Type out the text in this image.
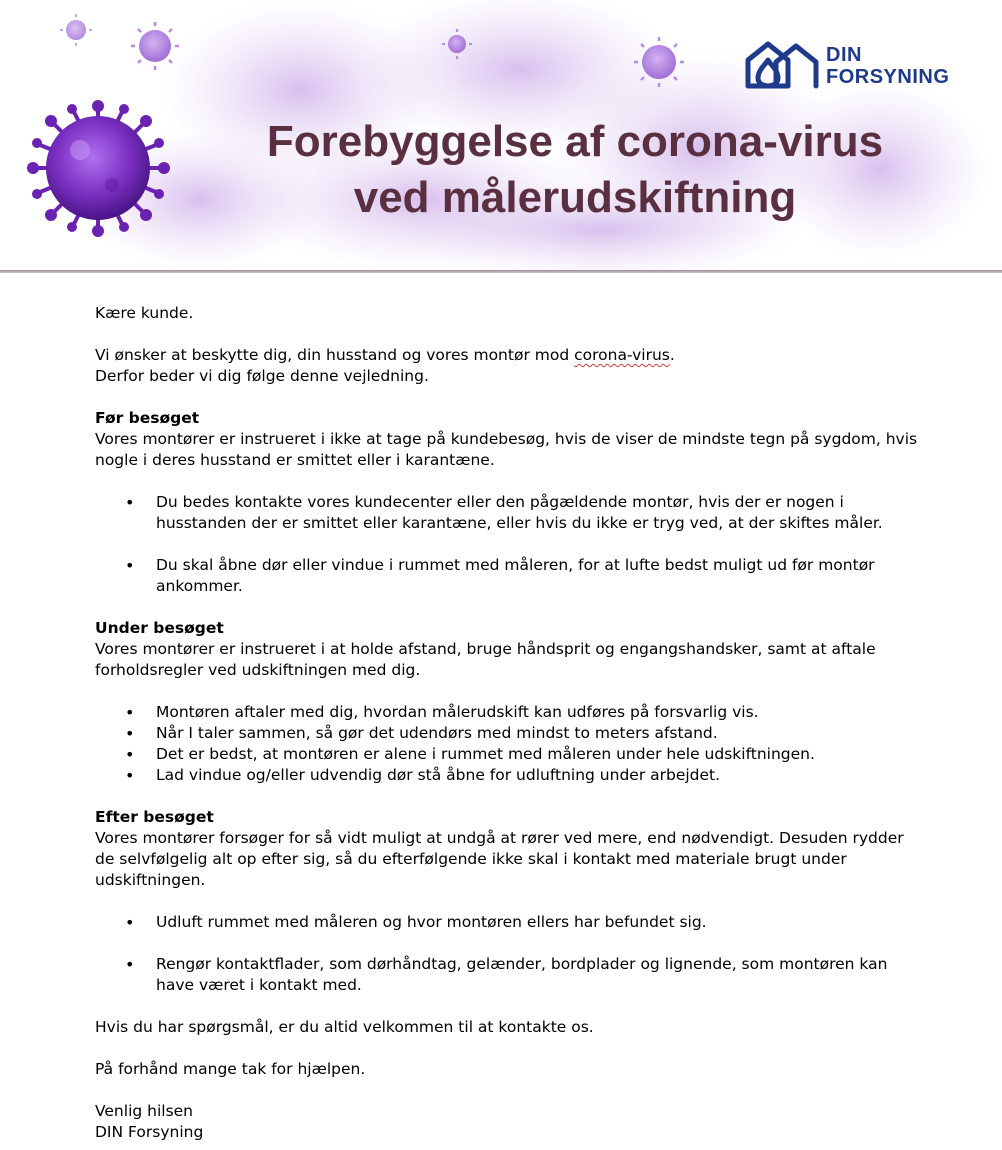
DIN
FORSYNING
Forebyggelse af corona-virus
ved målerudskiftning

Kære kunde.

Vi ønsker at beskytte dig, din husstand og vores montør mod corona-virus.

Derfor beder vi dig følge denne vejledning.

Før besøget

Vores montører er instrueret i ikke at tage på kundebesøg, hvis de viser de mindste tegn på sygdom, hvis nogle i deres husstand er smittet eller i karantæne.

• Du bedes kontakte vores kundecenter eller den pågældende montør, hvis der er nogen i husstanden der er smittet eller karantæne, eller hvis du ikke er tryg ved, at der skiftes måler.
• Du skal åbne dør eller vindue i rummet med måleren, for at lufte bedst muligt ud før montør ankommer.
Under besøget

Vores montører er instrueret i at holde afstand, bruge håndsprit og engangshandsker, samt at aftale forholdsregler ved udskiftningen med dig.

• Montøren aftaler med dig, hvordan målerudskift kan udføres på forsvarlig vis.
• Når I taler sammen, så gør det udendørs med mindst to meters afstand.
• Det er bedst, at montøren er alene i rummet med måleren under hele udskiftningen.
• Lad vindue og/eller udvendig dør stå åbne for udluftning under arbejdet.
Efter besøget

Vores montører forsøger for så vidt muligt at undgå at rører ved mere, end nødvendigt. Desuden rydder de selvfølgelig alt op efter sig, så du efterfølgende ikke skal i kontakt med materiale brugt under udskiftningen.

• Udluft rummet med måleren og hvor montøren ellers har befundet sig.
• Rengør kontaktflader, som dørhåndtag, gelænder, bordplader og lignende, som montøren kan have været i kontakt med.

Hvis du har spørgsmål, er du altid velkommen til at kontakte os.

På forhånd mange tak for hjælpen.

Venlig hilsen

DIN Forsyning
